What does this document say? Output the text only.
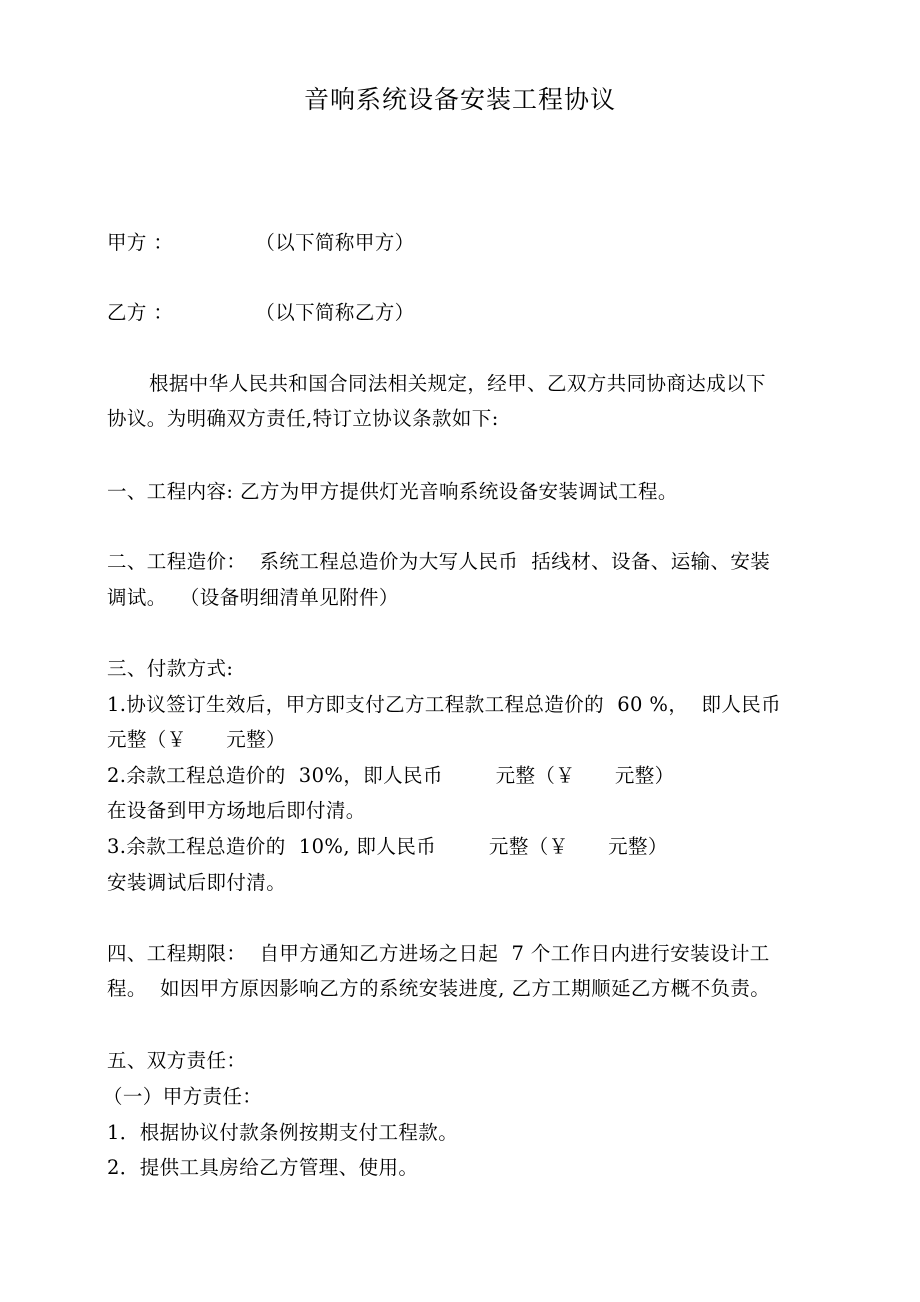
音响系统设备安装工程协议
甲方 ：	（以下简称甲方）
乙方 ：	（以下简称乙方）
根据中华人民共和国合同法相关规定，经甲、乙双方共同协商达成以下
协议。为明确双方责任,特订立协议条款如下:
一、工程内容: 乙方为甲方提供灯光音响系统设备安装调试工程。
二、工程造价：  系统工程总造价为大写人民币  括线材、设备、运输、安装
调试。  （设备明细清单见附件）
三、付款方式:
1.协议签订生效后，甲方即支付乙方工程款工程总造价的  60 %，  即人民币
元整（￥      元整）
2.余款工程总造价的  30%，即人民币        元整（￥      元整）
在设备到甲方场地后即付清。
3.余款工程总造价的  10%, 即人民币        元整（￥      元整）
安装调试后即付清。
四、工程期限：  自甲方通知乙方进场之日起  7 个工作日内进行安装设计工
程。  如因甲方原因影响乙方的系统安装进度, 乙方工期顺延乙方概不负责。
五、双方责任：
（一）甲方责任：
1．根据协议付款条例按期支付工程款。
2．提供工具房给乙方管理、使用。
